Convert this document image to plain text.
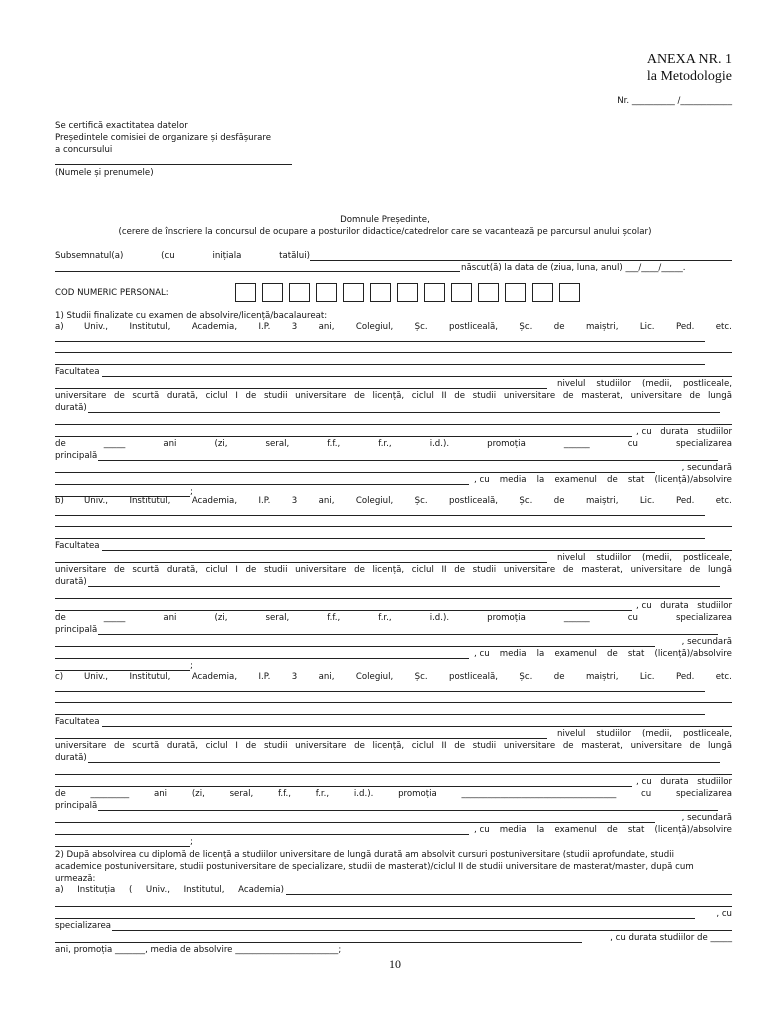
ANEXA NR. 1
la Metodologie
Nr. __________ /____________
Se certifică exactitatea datelor
Președintele comisiei de organizare și desfășurare
a concursului
(Numele și prenumele)
Domnule Președinte,
(cerere de înscriere la concursul de ocupare a posturilor didactice/catedrelor care se vacantează pe parcursul anului școlar)
Subsemnatul(a)	(cu	inițiala	tatălui)
născut(ă) la data de (ziua, luna, anul) ___/____/_____.
COD NUMERIC PERSONAL:
1) Studii finalizate cu examen de absolvire/licență/bacalaureat:
a) Univ., Institutul, Academia, I.P. 3 ani, Colegiul, Șc. postliceală, Șc. de maiștri, Lic. Ped. etc.
Facultatea
nivelul studiilor (medii, postliceale,
universitare de scurtă durată, ciclul I de studii universitare de licență, ciclul II de studii universitare de masterat, universitare de lungă
durată)
, cu durata studiilor
de	_____	ani	(zi,	seral,	f.f.,	f.r.,	i.d.).	promoția	______	cu	specializarea
principală
, secundară
, cu media la examenul de stat (licență)/absolvire
;
b) Univ., Institutul, Academia, I.P. 3 ani, Colegiul, Șc. postliceală, Șc. de maiștri, Lic. Ped. etc.
Facultatea
nivelul studiilor (medii, postliceale,
universitare de scurtă durată, ciclul I de studii universitare de licență, ciclul II de studii universitare de masterat, universitare de lungă
durată)
, cu durata studiilor
de	_____	ani	(zi,	seral,	f.f.,	f.r.,	i.d.).	promoția	______	cu	specializarea
principală
, secundară
, cu media la examenul de stat (licență)/absolvire
;
c) Univ., Institutul, Academia, I.P. 3 ani, Colegiul, Șc. postliceală, Șc. de maiștri, Lic. Ped. etc.
Facultatea
nivelul studiilor (medii, postliceale,
universitare de scurtă durată, ciclul I de studii universitare de licență, ciclul II de studii universitare de masterat, universitare de lungă
durată)
, cu durata studiilor
de	_________	ani	(zi,	seral,	f.f.,	f.r.,	i.d.).	promoția	____________________________________	cu	specializarea
principală
, secundară
, cu media la examenul de stat (licență)/absolvire
;
2) După absolvirea cu diplomă de licență a studiilor universitare de lungă durată am absolvit cursuri postuniversitare (studii aprofundate, studii
academice postuniversitare, studii postuniversitare de specializare, studii de masterat)/ciclul II de studii universitare de masterat/master, după cum
urmează:
a) Instituția ( Univ., Institutul, Academia)
, cu
specializarea
, cu durata studiilor de _____
ani, promoția _______, media de absolvire ________________________;
10
